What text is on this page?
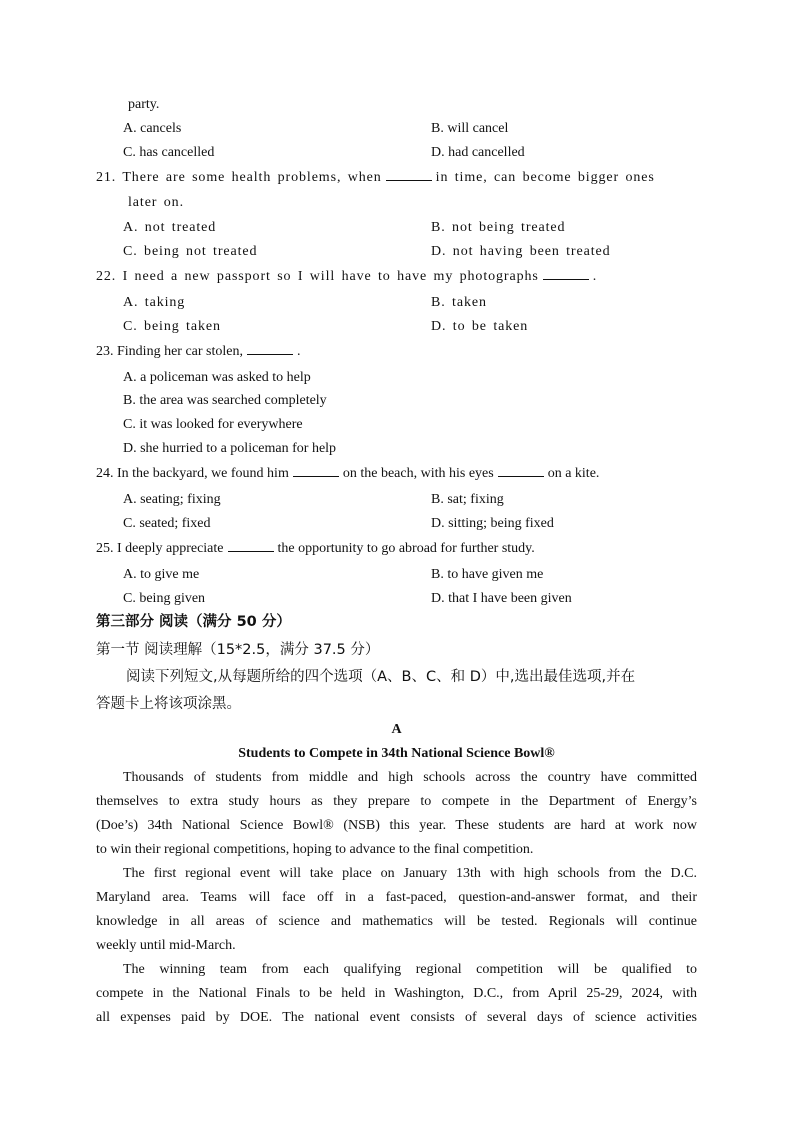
party.
A. cancels	B. will cancel
C. has cancelled	D. had cancelled
21. There are some health problems, when	in time, can become bigger ones
later on.
A. not treated	B. not being treated
C. being not treated	D. not having been treated
22. I need a new passport so I will have to have my photographs	.
A. taking	B. taken
C. being taken	D. to be taken
23. Finding her car stolen,	.
A. a policeman was asked to help
B. the area was searched completely
C. it was looked for everywhere
D. she hurried to a policeman for help
24. In the backyard, we found him	on the beach, with his eyes	on a kite.
A. seating; fixing	B. sat; fixing
C. seated; fixed	D. sitting; being fixed
25. I deeply appreciate	the opportunity to go abroad for further study.
A. to give me	B. to have given me
C. being given	D. that I have been given
第三部分 阅读（满分 50 分）
第一节 阅读理解（15*2.5，满分 37.5 分）
阅读下列短文,从每题所给的四个选项（A、B、C、和 D）中,选出最佳选项,并在
答题卡上将该项涂黑。
A
Students to Compete in 34th National Science Bowl®
Thousands of students from middle and high schools across the country have committed
themselves to extra study hours as they prepare to compete in the Department of Energy’s
(Doe’s) 34th National Science Bowl® (NSB) this year. These students are hard at work now
to win their regional competitions, hoping to advance to the final competition.
The first regional event will take place on January 13th with high schools from the D.C.
Maryland area. Teams will face off in a fast-paced, question-and-answer format, and their
knowledge in all areas of science and mathematics will be tested. Regionals will continue
weekly until mid-March.
The winning team from each qualifying regional competition will be qualified to
compete in the National Finals to be held in Washington, D.C., from April 25-29, 2024, with
all expenses paid by DOE. The national event consists of several days of science activities
